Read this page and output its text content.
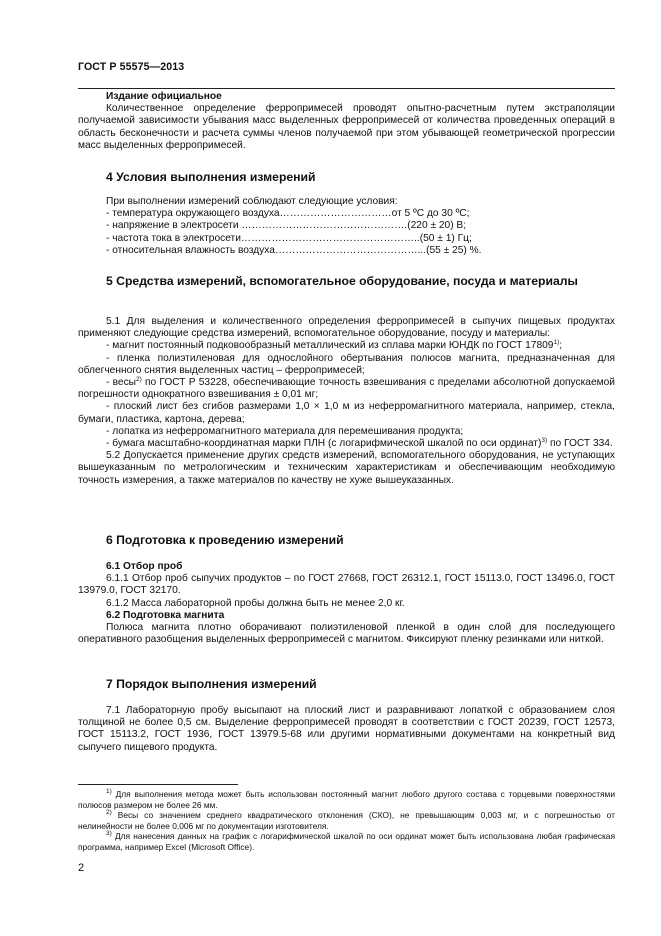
ГОСТ Р 55575—2013

Издание официальное

Количественное определение ферропримесей проводят опытно-расчетным путем экстраполяции получаемой зависимости убывания масс выделенных ферропримесей от количества проведенных операций в область бесконечности и расчета суммы членов получаемой при этом убывающей геометрической прогрессии масс выделенных ферропримесей.

4 Условия выполнения измерений

При выполнении измерений соблюдают следующие условия:

- температура окружающего воздуха……………………………от 5 ºС до 30 ºС;

- напряжение в электросети ………………………………………….(220 ± 20) В;

- частота тока в электросети……………………………………………..(50 ± 1) Гц;

- относительная влажность воздуха……………………………………...(55 ± 25) %.

5 Средства измерений, вспомогательное оборудование, посуда и материалы

5.1 Для выделения и количественного определения ферропримесей в сыпучих пищевых продуктах применяют следующие средства измерений, вспомогательное оборудование, посуду и материалы:

- магнит постоянный подковообразный металлический из сплава марки ЮНДК по ГОСТ 17809$^{1)}$;

- пленка полиэтиленовая для однослойного обертывания полюсов магнита, предназначенная для облегченного снятия выделенных частиц – ферропримесей;

- весы$^{2)}$ по ГОСТ Р 53228, обеспечивающие точность взвешивания с пределами абсолютной допускаемой погрешности однократного взвешивания ± 0,01 мг;

- плоский лист без сгибов размерами 1,0 × 1,0 м из неферромагнитного материала, например, стекла, бумаги, пластика, картона, дерева;

- лопатка из неферромагнитного материала для перемешивания продукта;

- бумага масштабно-координатная марки ПЛН (с логарифмической шкалой по оси ординат)$^{3)}$ по ГОСТ 334.

5.2 Допускается применение других средств измерений, вспомогательного оборудования, не уступающих вышеуказанным по метрологическим и техническим характеристикам и обеспечивающим необходимую точность измерения, а также материалов по качеству не хуже вышеуказанных.

6 Подготовка к проведению измерений

6.1 Отбор проб

6.1.1 Отбор проб сыпучих продуктов – по ГОСТ 27668, ГОСТ 26312.1, ГОСТ 15113.0, ГОСТ 13496.0, ГОСТ 13979.0, ГОСТ 32170.

6.1.2 Масса лабораторной пробы должна быть не менее 2,0 кг.

6.2 Подготовка магнита

Полюса магнита плотно оборачивают полиэтиленовой пленкой в один слой для последующего оперативного разобщения выделенных ферропримесей с магнитом. Фиксируют пленку резинками или ниткой.

7 Порядок выполнения измерений

7.1 Лабораторную пробу высыпают на плоский лист и разравнивают лопаткой с образованием слоя толщиной не более 0,5 см. Выделение ферропримесей проводят в соответствии с ГОСТ 20239, ГОСТ 12573, ГОСТ 15113.2, ГОСТ 1936, ГОСТ 13979.5-68 или другими нормативными документами на конкретный вид сыпучего пищевого продукта.

$^{1)}$ Для выполнения метода может быть использован постоянный магнит любого другого состава с торцевыми поверхностями полюсов размером не более 26 мм.

$^{2)}$ Весы со значением среднего квадратического отклонения (СКО), не превышающим 0,003 мг, и с погрешностью от нелинейности не более 0,006 мг по документации изготовителя.

$^{3)}$ Для нанесения данных на график с логарифмической шкалой по оси ординат может быть использована любая графическая программа, например Excel (Microsoft Office).

2
